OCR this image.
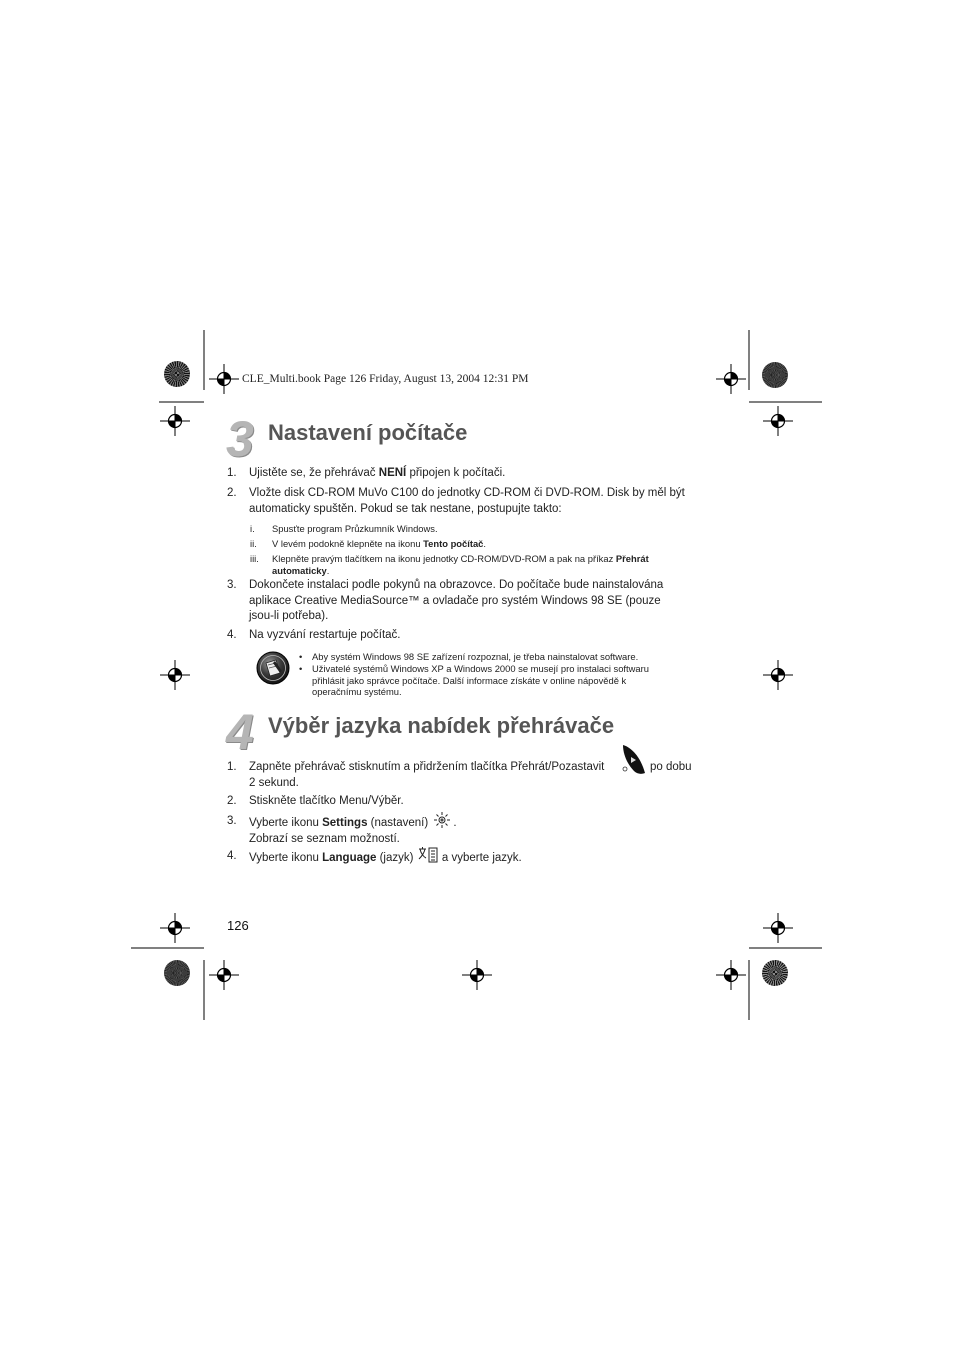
CLE_Multi.book Page 126 Friday, August 13, 2004 12:31 PM
3 Nastavení počítače
1. Ujistěte se, že přehrávač NENÍ připojen k počítači.
2. Vložte disk CD-ROM MuVo C100 do jednotky CD-ROM či DVD-ROM. Disk by měl být
automaticky spuštěn. Pokud se tak nestane, postupujte takto:
i. Spusťte program Průzkumník Windows.
ii. V levém podokně klepněte na ikonu Tento počítač.
iii. Klepněte pravým tlačítkem na ikonu jednotky CD-ROM/DVD-ROM a pak na příkaz Přehrát
automaticky.
3. Dokončete instalaci podle pokynů na obrazovce. Do počítače bude nainstalována
aplikace Creative MediaSource™ a ovladače pro systém Windows 98 SE (pouze
jsou-li potřeba).
4. Na vyzvání restartuje počítač.
• Aby systém Windows 98 SE zařízení rozpoznal, je třeba nainstalovat software.
• Uživatelé systémů Windows XP a Windows 2000 se musejí pro instalaci softwaru
přihlásit jako správce počítače. Další informace získáte v online nápovědě k
operačnímu systému.
4 Výběr jazyka nabídek přehrávače
1. Zapněte přehrávač stisknutím a přidržením tlačítka Přehrát/Pozastavit
2 sekund.
po dobu
2. Stiskněte tlačítko Menu/Výběr.
3. Vyberte ikonu Settings (nastavení) .
Zobrazí se seznam možností.
4. Vyberte ikonu Language (jazyk)  a vyberte jazyk.
126
